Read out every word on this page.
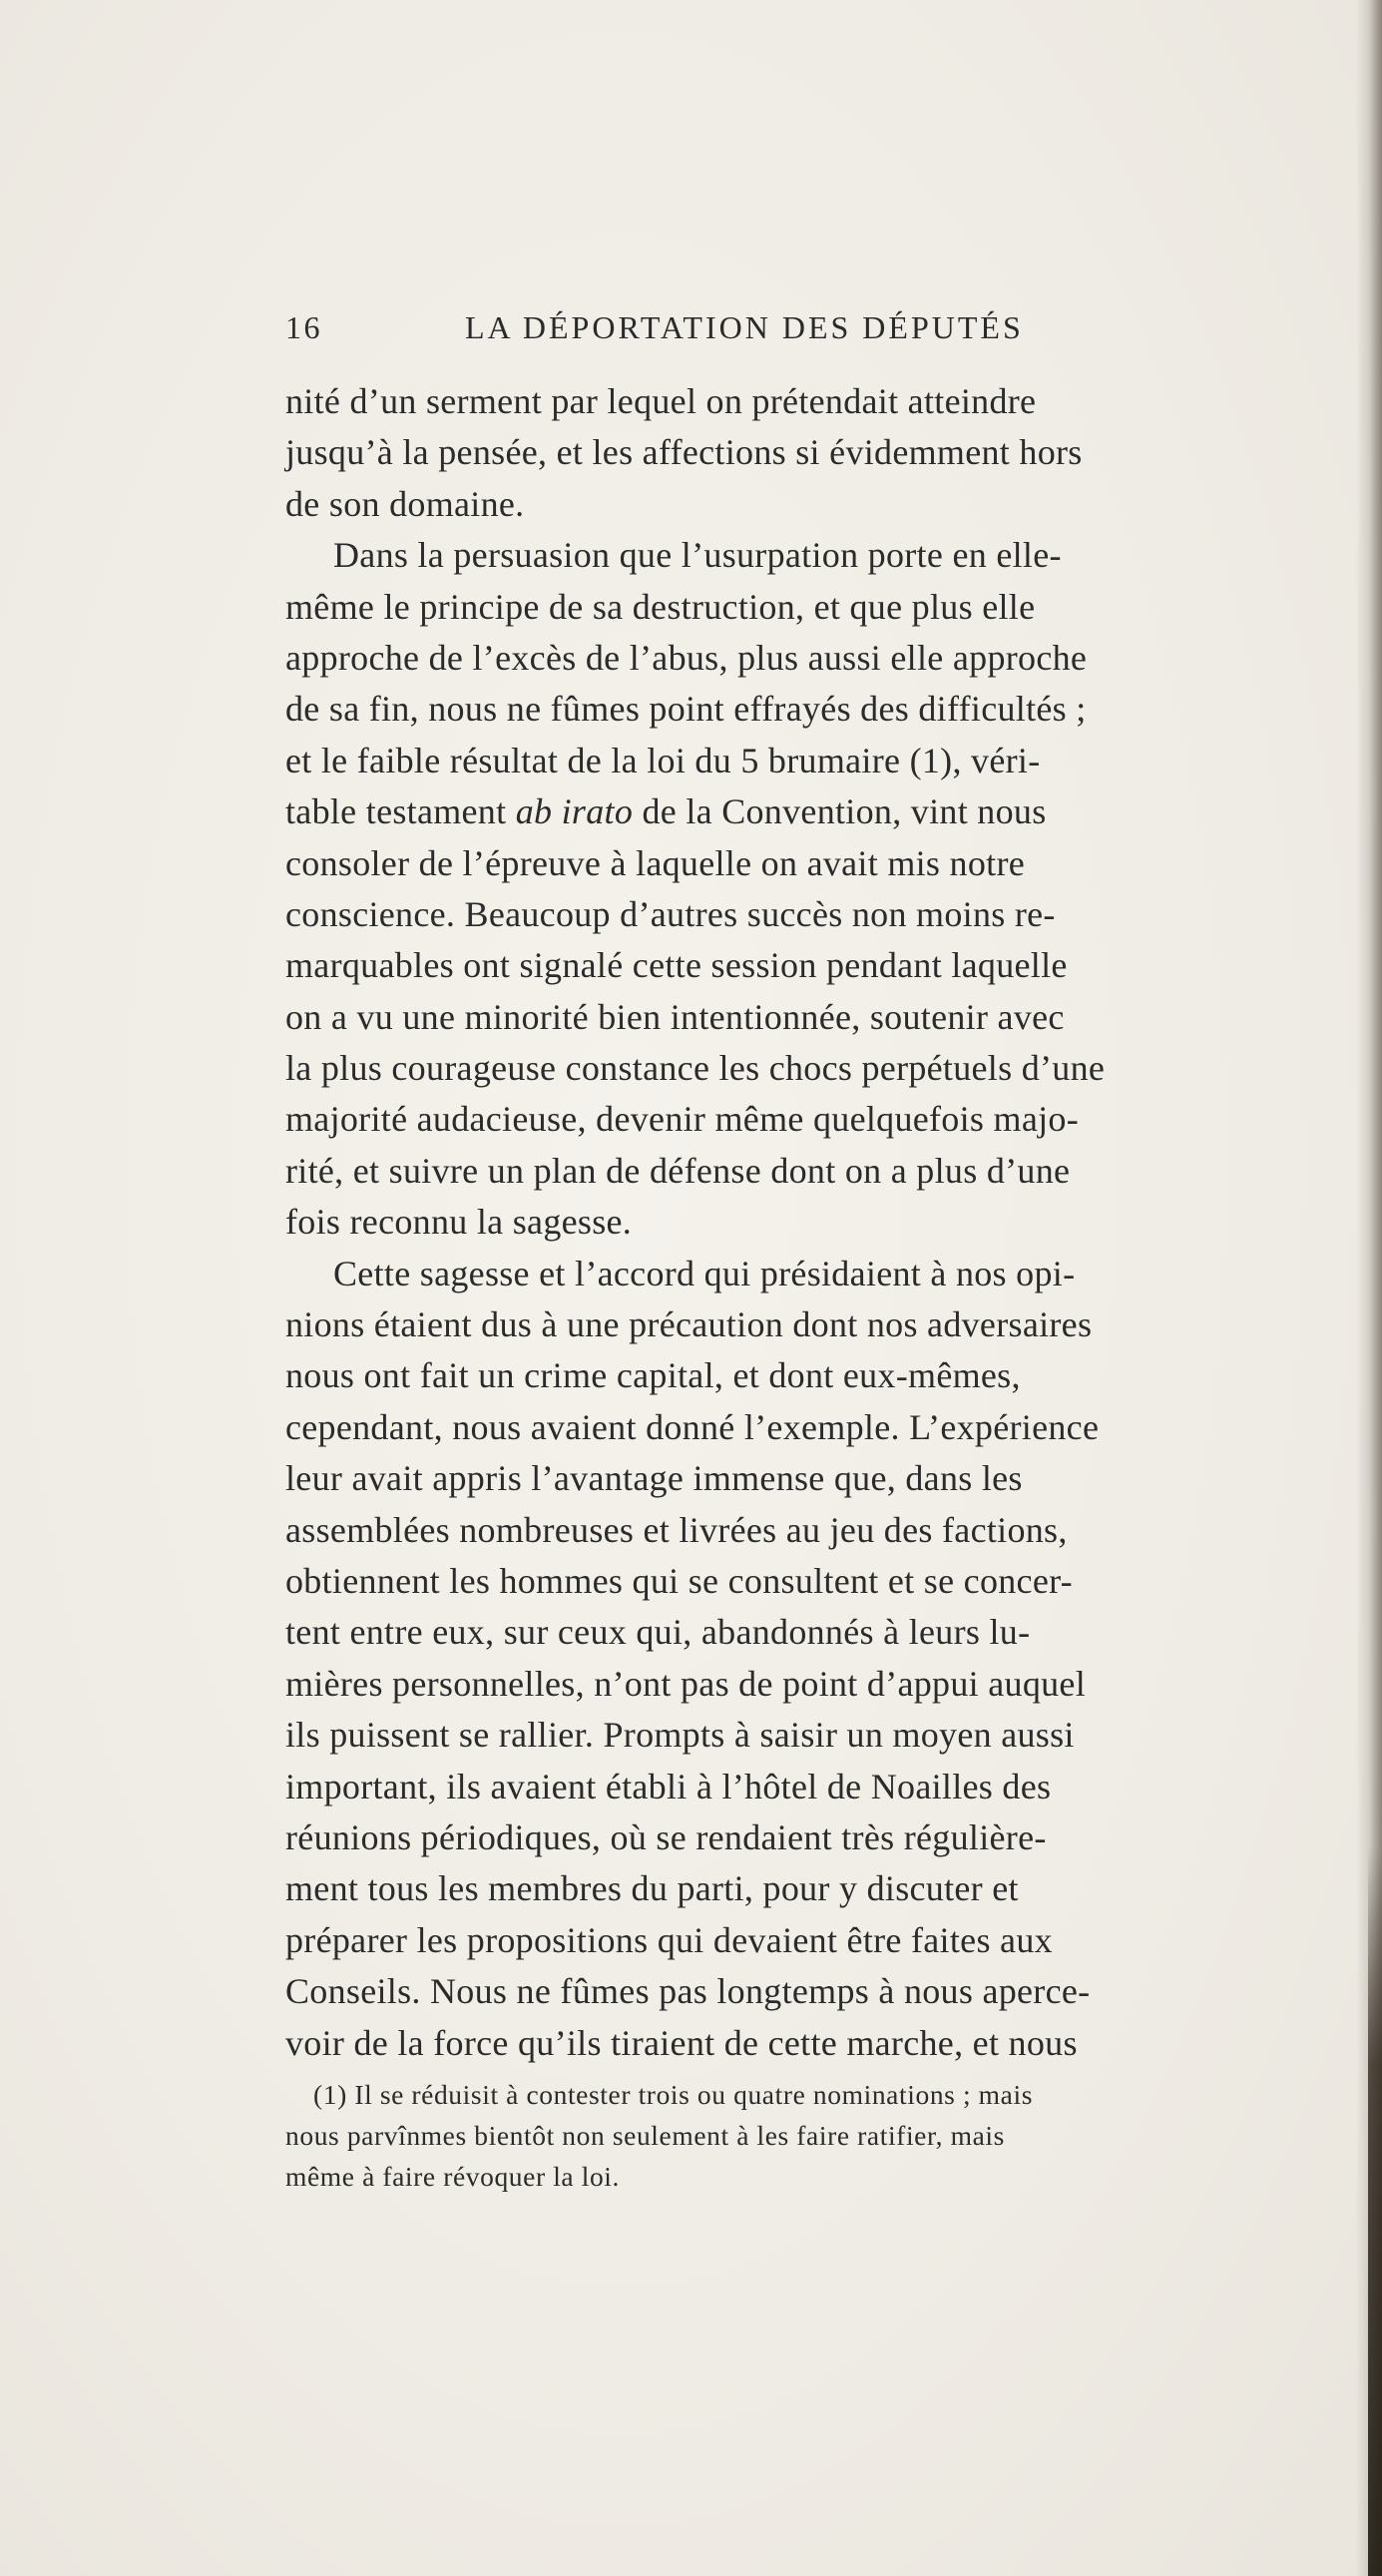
16	LA DÉPORTATION DES DÉPUTÉS
nité d’un serment par lequel on prétendait atteindre
jusqu’à la pensée, et les affections si évidemment hors
de son domaine.
Dans la persuasion que l’usurpation porte en elle-
même le principe de sa destruction, et que plus elle
approche de l’excès de l’abus, plus aussi elle approche
de sa fin, nous ne fûmes point effrayés des difficultés ;
et le faible résultat de la loi du 5 brumaire (1), véri-
table testament ab irato de la Convention, vint nous
consoler de l’épreuve à laquelle on avait mis notre
conscience. Beaucoup d’autres succès non moins re-
marquables ont signalé cette session pendant laquelle
on a vu une minorité bien intentionnée, soutenir avec
la plus courageuse constance les chocs perpétuels d’une
majorité audacieuse, devenir même quelquefois majo-
rité, et suivre un plan de défense dont on a plus d’une
fois reconnu la sagesse.
Cette sagesse et l’accord qui présidaient à nos opi-
nions étaient dus à une précaution dont nos adversaires
nous ont fait un crime capital, et dont eux-mêmes,
cependant, nous avaient donné l’exemple. L’expérience
leur avait appris l’avantage immense que, dans les
assemblées nombreuses et livrées au jeu des factions,
obtiennent les hommes qui se consultent et se concer-
tent entre eux, sur ceux qui, abandonnés à leurs lu-
mières personnelles, n’ont pas de point d’appui auquel
ils puissent se rallier. Prompts à saisir un moyen aussi
important, ils avaient établi à l’hôtel de Noailles des
réunions périodiques, où se rendaient très régulière-
ment tous les membres du parti, pour y discuter et
préparer les propositions qui devaient être faites aux
Conseils. Nous ne fûmes pas longtemps à nous aperce-
voir de la force qu’ils tiraient de cette marche, et nous
(1) Il se réduisit à contester trois ou quatre nominations ; mais
nous parvînmes bientôt non seulement à les faire ratifier, mais
même à faire révoquer la loi.
